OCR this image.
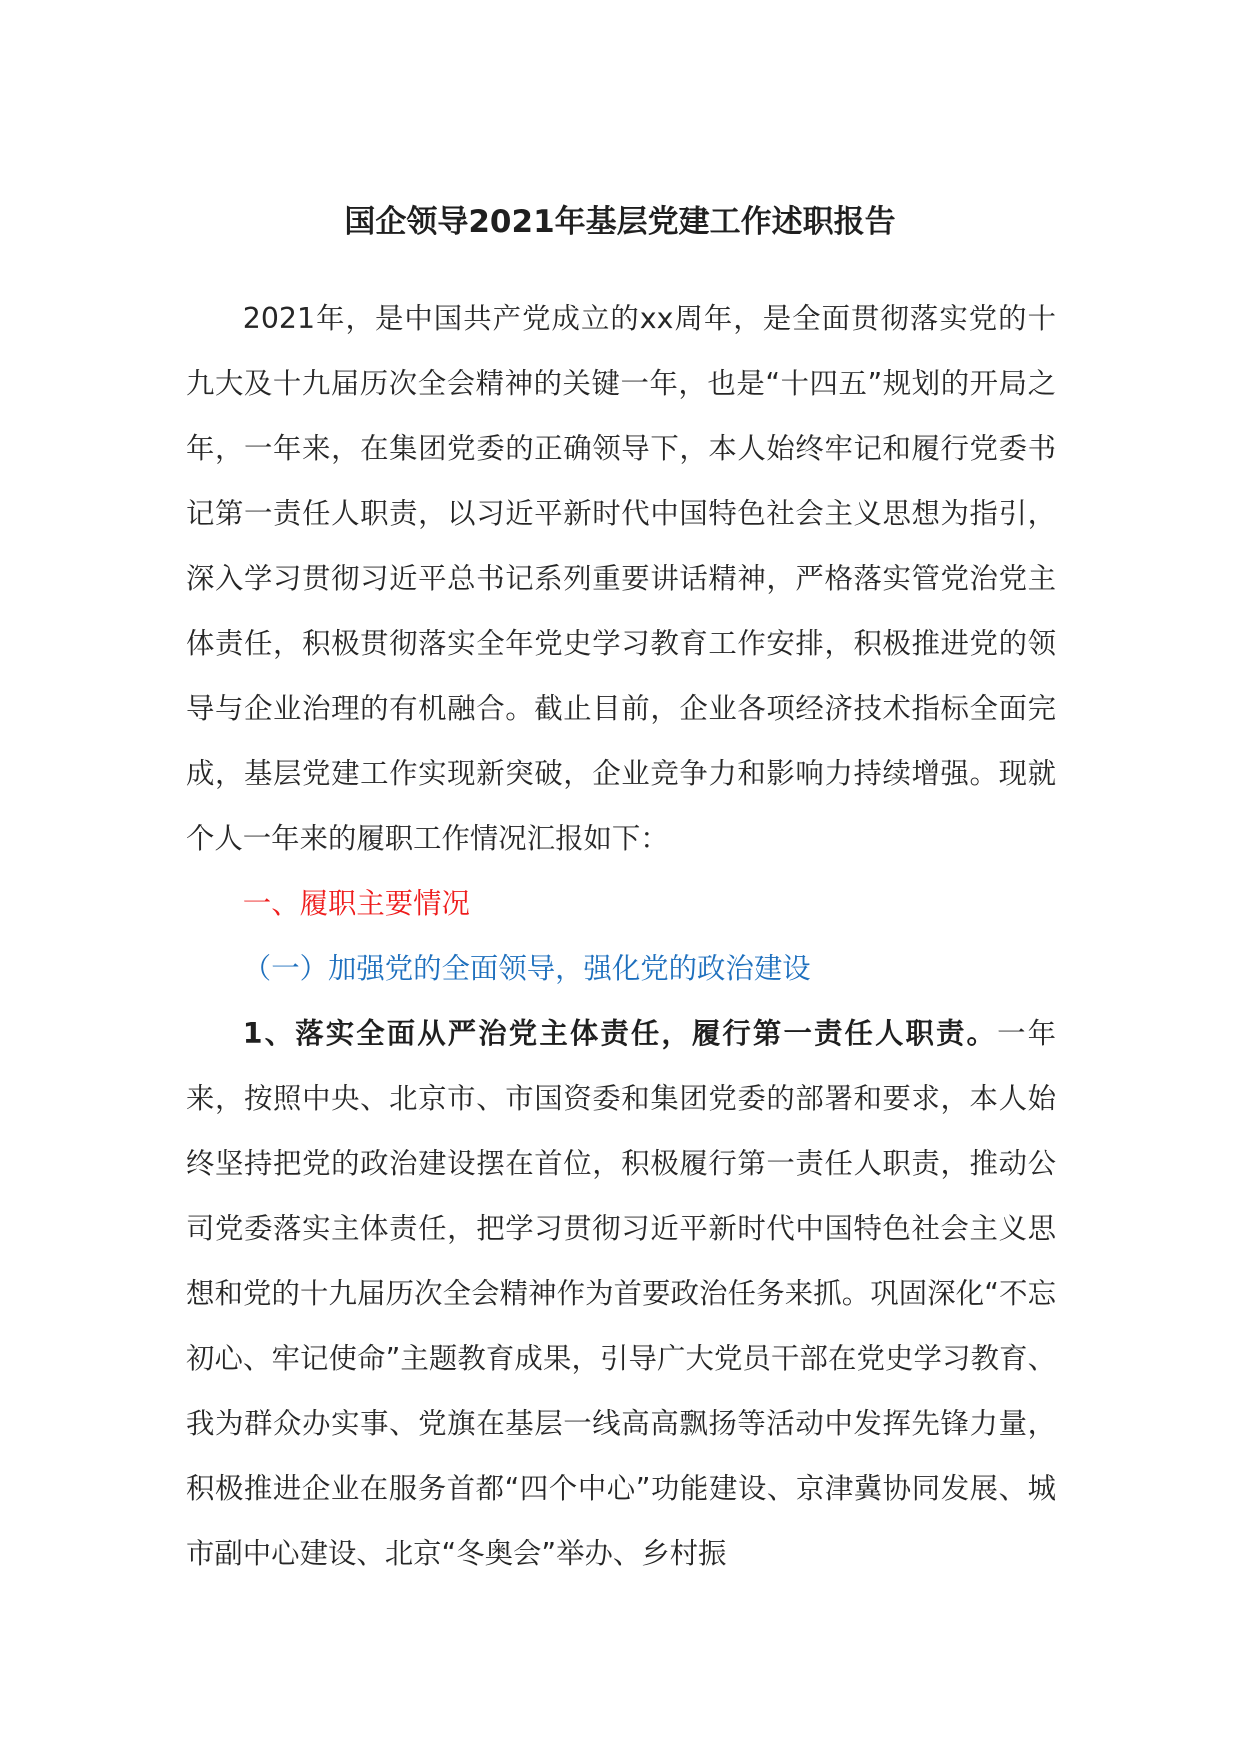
国企领导2021年基层党建工作述职报告

2021年，是中国共产党成立的xx周年，是全面贯彻落实党的十九大及十九届历次全会精神的关键一年，也是“十四五”规划的开局之年，一年来，在集团党委的正确领导下，本人始终牢记和履行党委书记第一责任人职责，以习近平新时代中国特色社会主义思想为指引，深入学习贯彻习近平总书记系列重要讲话精神，严格落实管党治党主体责任，积极贯彻落实全年党史学习教育工作安排，积极推进党的领导与企业治理的有机融合。截止目前，企业各项经济技术指标全面完成，基层党建工作实现新突破，企业竞争力和影响力持续增强。现就个人一年来的履职工作情况汇报如下：

一、履职主要情况

（一）加强党的全面领导，强化党的政治建设

1、落实全面从严治党主体责任，履行第一责任人职责。一年来，按照中央、北京市、市国资委和集团党委的部署和要求，本人始终坚持把党的政治建设摆在首位，积极履行第一责任人职责，推动公司党委落实主体责任，把学习贯彻习近平新时代中国特色社会主义思想和党的十九届历次全会精神作为首要政治任务来抓。巩固深化“不忘初心、牢记使命”主题教育成果，引导广大党员干部在党史学习教育、我为群众办实事、党旗在基层一线高高飘扬等活动中发挥先锋力量，积极推进企业在服务首都“四个中心”功能建设、京津冀协同发展、城市副中心建设、北京“冬奥会”举办、乡村振
